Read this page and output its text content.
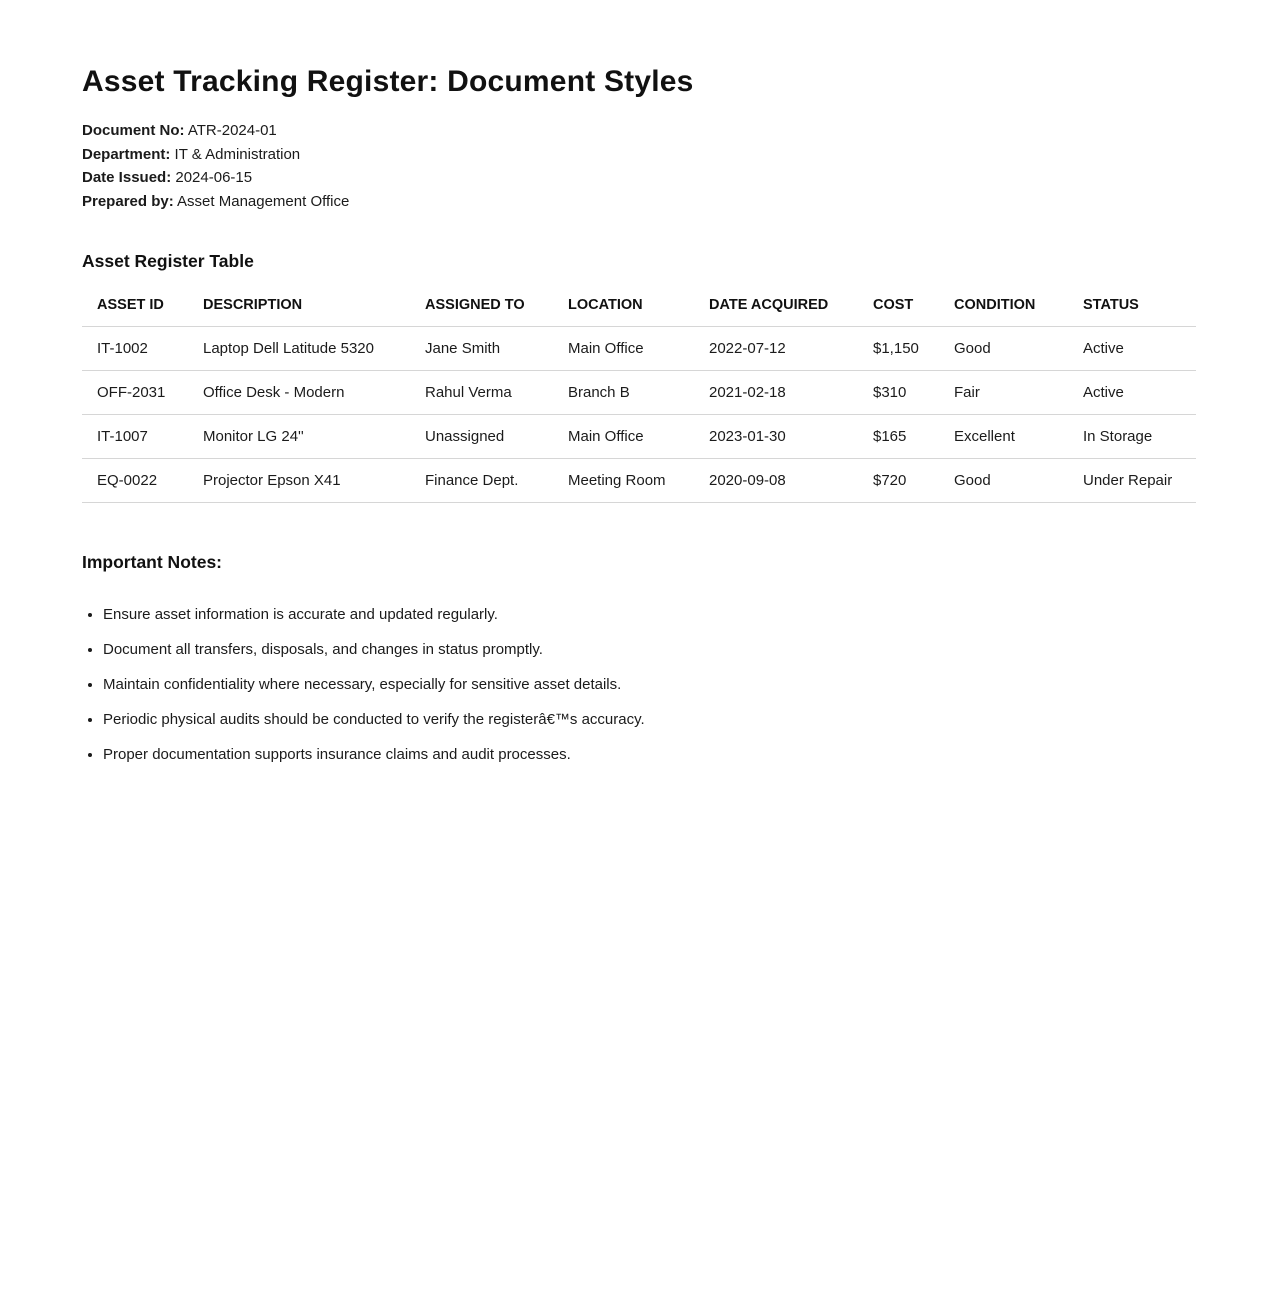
Asset Tracking Register: Document Styles
Document No: ATR-2024-01
Department: IT & Administration
Date Issued: 2024-06-15
Prepared by: Asset Management Office
Asset Register Table
ASSET ID	DESCRIPTION	ASSIGNED TO	LOCATION	DATE ACQUIRED	COST	CONDITION	STATUS
IT-1002	Laptop Dell Latitude 5320	Jane Smith	Main Office	2022-07-12	$1,150	Good	Active
OFF-2031	Office Desk - Modern	Rahul Verma	Branch B	2021-02-18	$310	Fair	Active
IT-1007	Monitor LG 24''	Unassigned	Main Office	2023-01-30	$165	Excellent	In Storage
EQ-0022	Projector Epson X41	Finance Dept.	Meeting Room	2020-09-08	$720	Good	Under Repair
Important Notes:
• Ensure asset information is accurate and updated regularly.
• Document all transfers, disposals, and changes in status promptly.
• Maintain confidentiality where necessary, especially for sensitive asset details.
• Periodic physical audits should be conducted to verify the registerâ€™s accuracy.
• Proper documentation supports insurance claims and audit processes.
